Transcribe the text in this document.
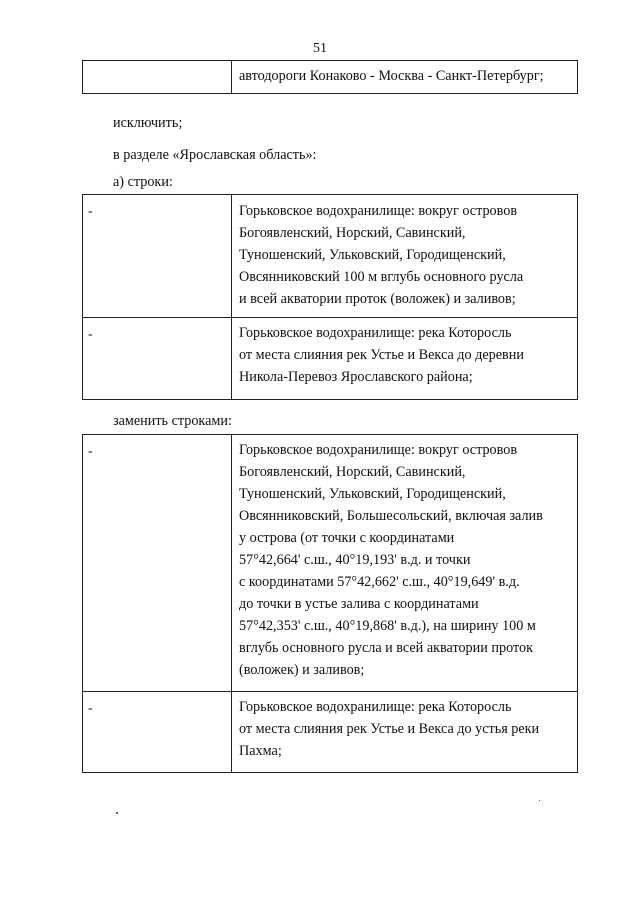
51
автодороги Конаково - Москва - Санкт-Петербург;
исключить;
в разделе «Ярославская область»:
а) строки:
-	Горьковское водохранилище: вокруг островов
Богоявленский, Норский, Савинский,
Туношенский, Ульковский, Городищенский,
Овсянниковский 100 м вглубь основного русла
и всей акватории проток (воложек) и заливов;
-	Горьковское водохранилище: река Которосль
от места слияния рек Устье и Векса до деревни
Никола-Перевоз Ярославского района;
заменить строками:
-	Горьковское водохранилище: вокруг островов
Богоявленский, Норский, Савинский,
Туношенский, Ульковский, Городищенский,
Овсянниковский, Большесольский, включая залив
у острова (от точки с координатами
57°42,664' с.ш., 40°19,193' в.д. и точки
с координатами 57°42,662' с.ш., 40°19,649' в.д.
до точки в устье залива с координатами
57°42,353' с.ш., 40°19,868' в.д.), на ширину 100 м
вглубь основного русла и всей акватории проток
(воложек) и заливов;
-	Горьковское водохранилище: река Которосль
от места слияния рек Устье и Векса до устья реки
Пахма;
